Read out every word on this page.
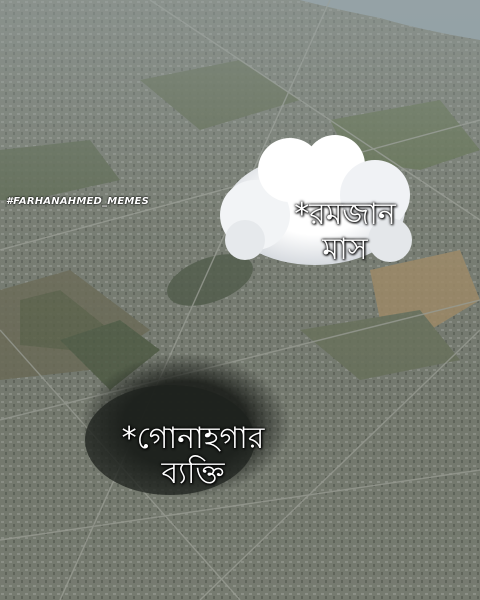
#FARHANAHMED_MEMES	*রমজান
মাস
*গোনাহগার
ব্যক্তি
